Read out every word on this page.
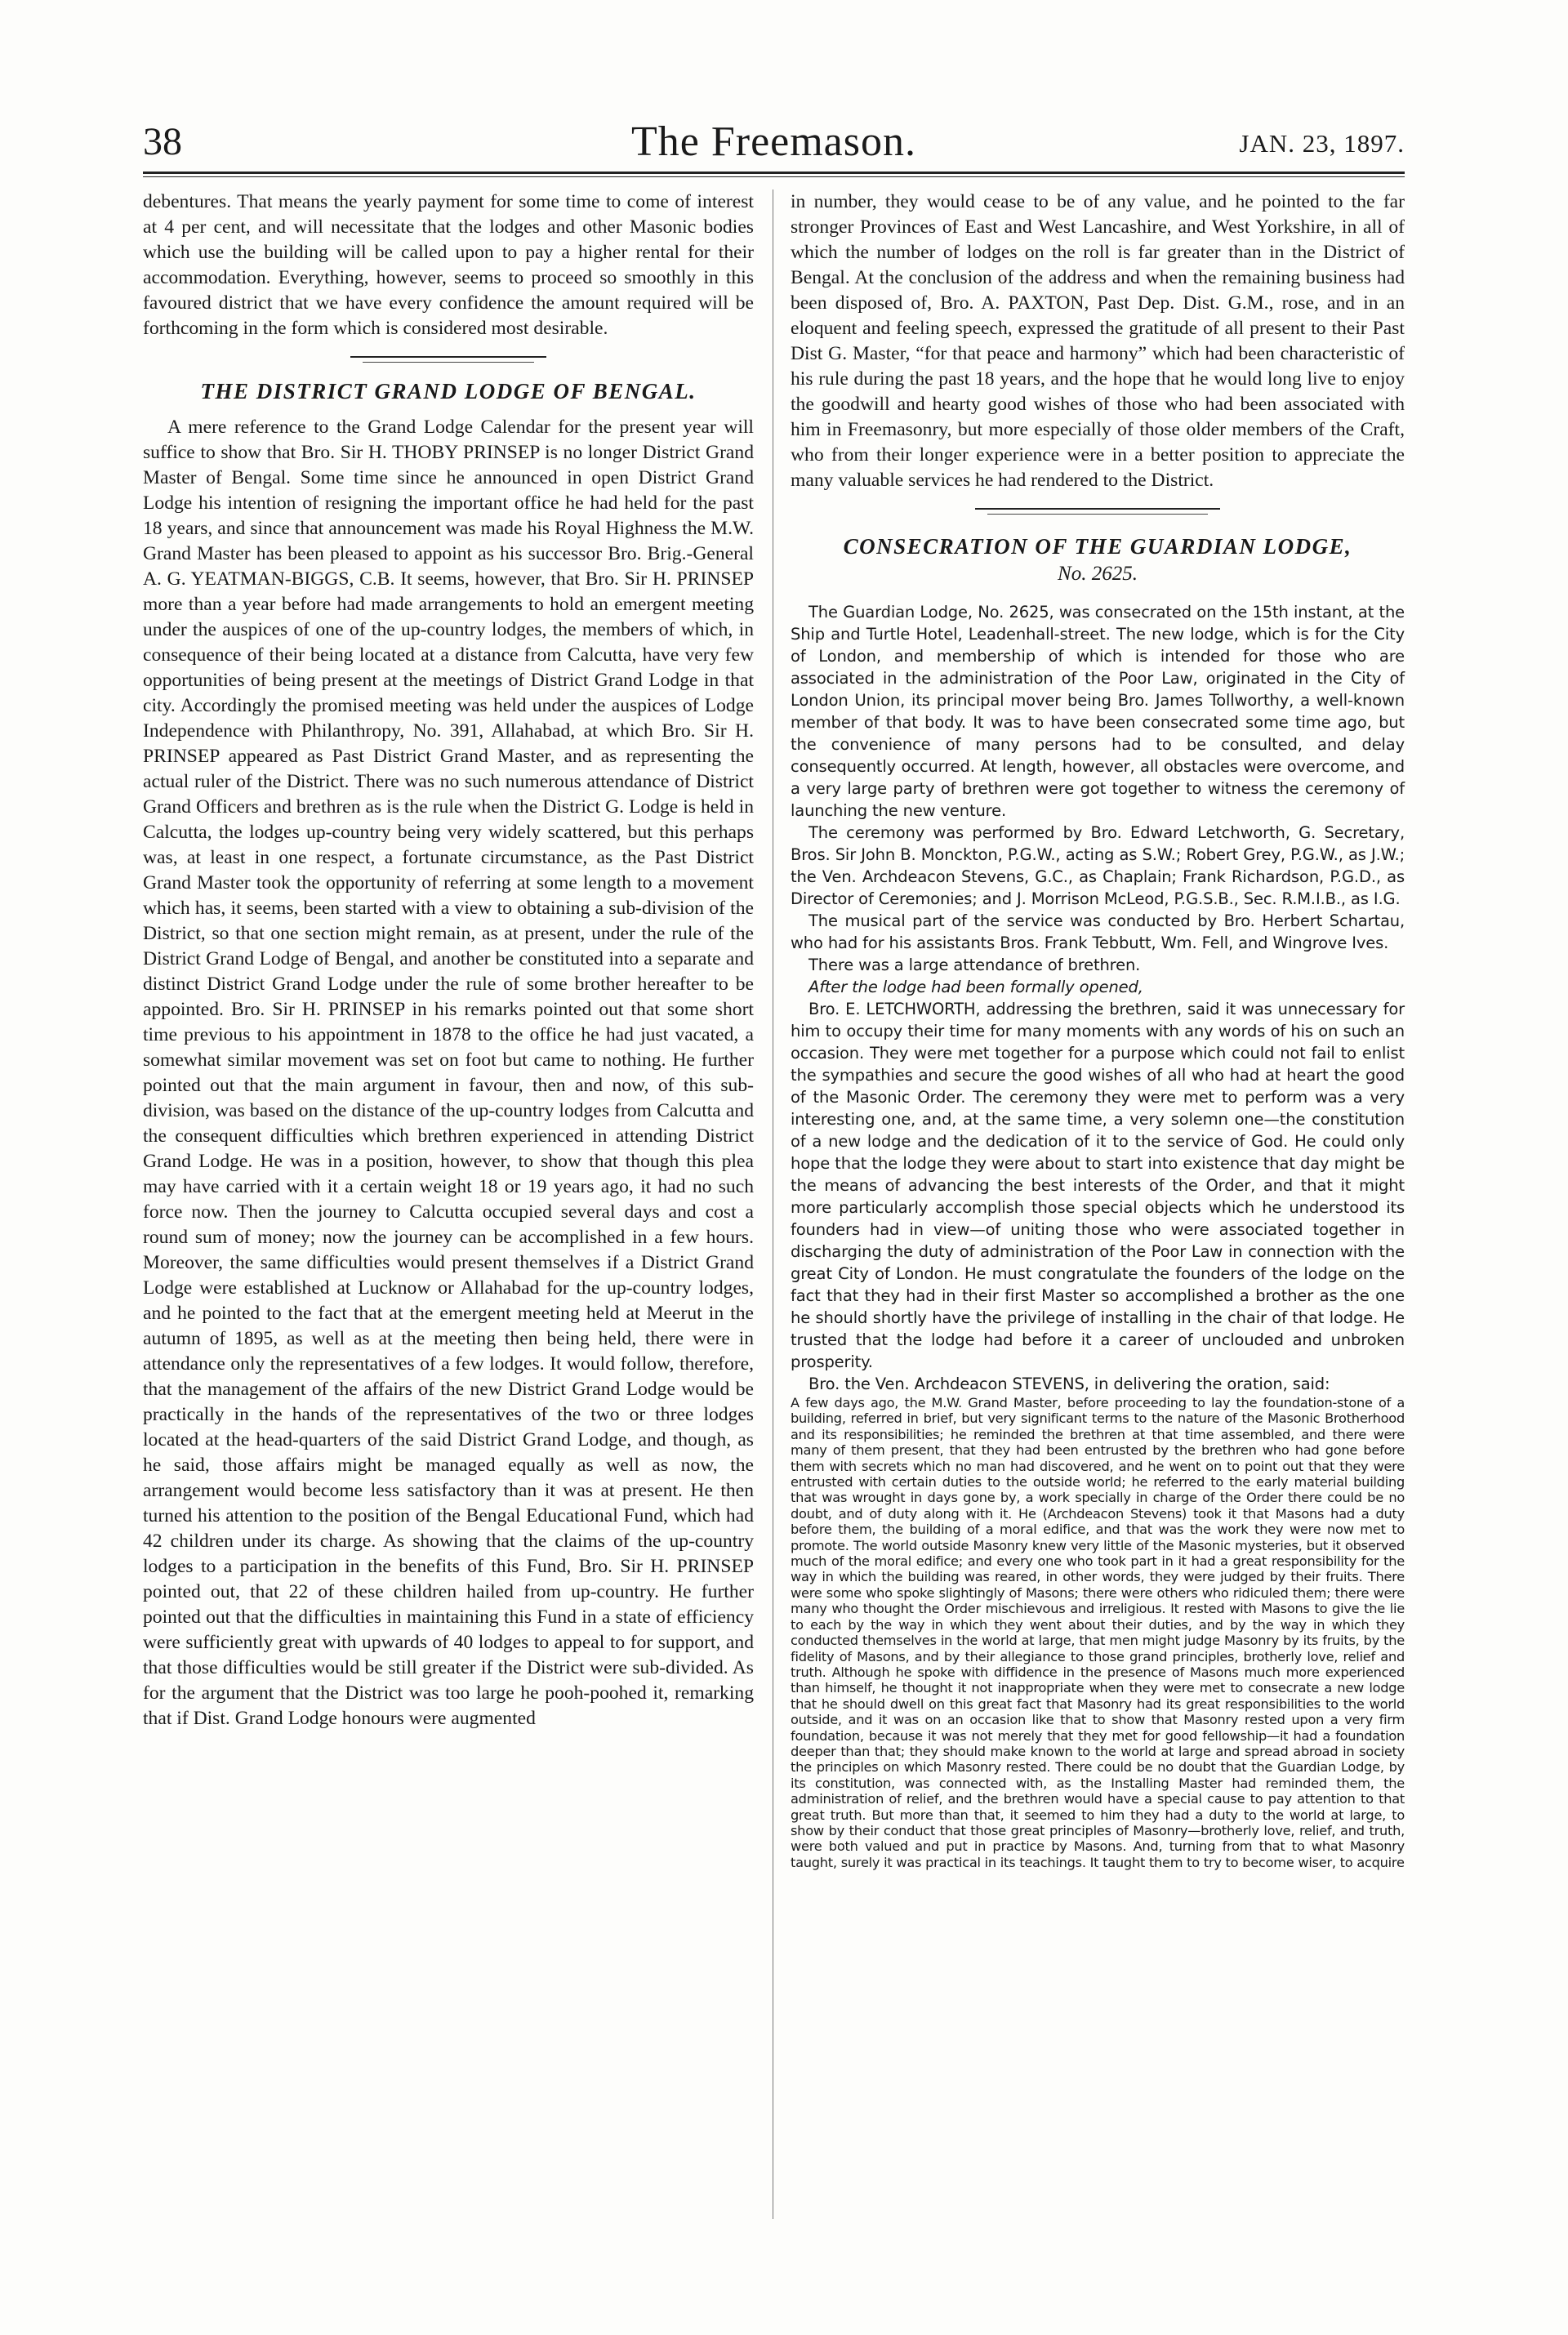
38	The Freemason.	JAN. 23, 1897.

debentures. That means the yearly payment for some time to come of interest at 4 per cent, and will necessitate that the lodges and other Masonic bodies which use the building will be called upon to pay a higher rental for their accommodation. Everything, however, seems to proceed so smoothly in this favoured district that we have every confidence the amount required will be forthcoming in the form which is considered most desirable.

THE DISTRICT GRAND LODGE OF BENGAL.

A mere reference to the Grand Lodge Calendar for the present year will suffice to show that Bro. Sir H. THOBY PRINSEP is no longer District Grand Master of Bengal. Some time since he announced in open District Grand Lodge his intention of resigning the important office he had held for the past 18 years, and since that announcement was made his Royal Highness the M.W. Grand Master has been pleased to appoint as his successor Bro. Brig.-General A. G. YEATMAN-BIGGS, C.B. It seems, however, that Bro. Sir H. PRINSEP more than a year before had made arrangements to hold an emergent meeting under the auspices of one of the up-country lodges, the members of which, in consequence of their being located at a distance from Calcutta, have very few opportunities of being present at the meetings of District Grand Lodge in that city. Accordingly the promised meeting was held under the auspices of Lodge Independence with Philanthropy, No. 391, Allahabad, at which Bro. Sir H. PRINSEP appeared as Past District Grand Master, and as representing the actual ruler of the District. There was no such numerous attendance of District Grand Officers and brethren as is the rule when the District G. Lodge is held in Calcutta, the lodges up-country being very widely scattered, but this perhaps was, at least in one respect, a fortunate circumstance, as the Past District Grand Master took the opportunity of referring at some length to a movement which has, it seems, been started with a view to obtaining a sub-division of the District, so that one section might remain, as at present, under the rule of the District Grand Lodge of Bengal, and another be constituted into a separate and distinct District Grand Lodge under the rule of some brother hereafter to be appointed. Bro. Sir H. PRINSEP in his remarks pointed out that some short time previous to his appointment in 1878 to the office he had just vacated, a somewhat similar movement was set on foot but came to nothing. He further pointed out that the main argument in favour, then and now, of this sub-division, was based on the distance of the up-country lodges from Calcutta and the consequent difficulties which brethren experienced in attending District Grand Lodge. He was in a position, however, to show that though this plea may have carried with it a certain weight 18 or 19 years ago, it had no such force now. Then the journey to Calcutta occupied several days and cost a round sum of money; now the journey can be accomplished in a few hours. Moreover, the same difficulties would present themselves if a District Grand Lodge were established at Lucknow or Allahabad for the up-country lodges, and he pointed to the fact that at the emergent meeting held at Meerut in the autumn of 1895, as well as at the meeting then being held, there were in attendance only the representatives of a few lodges. It would follow, therefore, that the management of the affairs of the new District Grand Lodge would be practically in the hands of the representatives of the two or three lodges located at the head-quarters of the said District Grand Lodge, and though, as he said, those affairs might be managed equally as well as now, the arrangement would become less satisfactory than it was at present. He then turned his attention to the position of the Bengal Educational Fund, which had 42 children under its charge. As showing that the claims of the up-country lodges to a participation in the benefits of this Fund, Bro. Sir H. PRINSEP pointed out, that 22 of these children hailed from up-country. He further pointed out that the difficulties in maintaining this Fund in a state of efficiency were sufficiently great with upwards of 40 lodges to appeal to for support, and that those difficulties would be still greater if the District were sub-divided. As for the argument that the District was too large he pooh-poohed it, remarking that if Dist. Grand Lodge honours were augmented

in number, they would cease to be of any value, and he pointed to the far stronger Provinces of East and West Lancashire, and West Yorkshire, in all of which the number of lodges on the roll is far greater than in the District of Bengal. At the conclusion of the address and when the remaining business had been disposed of, Bro. A. PAXTON, Past Dep. Dist. G.M., rose, and in an eloquent and feeling speech, expressed the gratitude of all present to their Past Dist G. Master, “for that peace and harmony” which had been characteristic of his rule during the past 18 years, and the hope that he would long live to enjoy the goodwill and hearty good wishes of those who had been associated with him in Freemasonry, but more especially of those older members of the Craft, who from their longer experience were in a better position to appreciate the many valuable services he had rendered to the District.

CONSECRATION OF THE GUARDIAN LODGE,
No. 2625.

The Guardian Lodge, No. 2625, was consecrated on the 15th instant, at the Ship and Turtle Hotel, Leadenhall-street. The new lodge, which is for the City of London, and membership of which is intended for those who are associated in the administration of the Poor Law, originated in the City of London Union, its principal mover being Bro. James Tollworthy, a well-known member of that body. It was to have been consecrated some time ago, but the convenience of many persons had to be consulted, and delay consequently occurred. At length, however, all obstacles were overcome, and a very large party of brethren were got together to witness the ceremony of launching the new venture.

The ceremony was performed by Bro. Edward Letchworth, G. Secretary, Bros. Sir John B. Monckton, P.G.W., acting as S.W.; Robert Grey, P.G.W., as J.W.; the Ven. Archdeacon Stevens, G.C., as Chaplain; Frank Richardson, P.G.D., as Director of Ceremonies; and J. Morrison McLeod, P.G.S.B., Sec. R.M.I.B., as I.G.

The musical part of the service was conducted by Bro. Herbert Schartau, who had for his assistants Bros. Frank Tebbutt, Wm. Fell, and Wingrove Ives.

There was a large attendance of brethren.

After the lodge had been formally opened,

Bro. E. LETCHWORTH, addressing the brethren, said it was unnecessary for him to occupy their time for many moments with any words of his on such an occasion. They were met together for a purpose which could not fail to enlist the sympathies and secure the good wishes of all who had at heart the good of the Masonic Order. The ceremony they were met to perform was a very interesting one, and, at the same time, a very solemn one—the constitution of a new lodge and the dedication of it to the service of God. He could only hope that the lodge they were about to start into existence that day might be the means of advancing the best interests of the Order, and that it might more particularly accomplish those special objects which he understood its founders had in view—of uniting those who were associated together in discharging the duty of administration of the Poor Law in connection with the great City of London. He must congratulate the founders of the lodge on the fact that they had in their first Master so accomplished a brother as the one he should shortly have the privilege of installing in the chair of that lodge. He trusted that the lodge had before it a career of unclouded and unbroken prosperity.

Bro. the Ven. Archdeacon STEVENS, in delivering the oration, said:

A few days ago, the M.W. Grand Master, before proceeding to lay the foundation-stone of a building, referred in brief, but very significant terms to the nature of the Masonic Brotherhood and its responsibilities; he reminded the brethren at that time assembled, and there were many of them present, that they had been entrusted by the brethren who had gone before them with secrets which no man had discovered, and he went on to point out that they were entrusted with certain duties to the outside world; he referred to the early material building that was wrought in days gone by, a work specially in charge of the Order there could be no doubt, and of duty along with it. He (Archdeacon Stevens) took it that Masons had a duty before them, the building of a moral edifice, and that was the work they were now met to promote. The world outside Masonry knew very little of the Masonic mysteries, but it observed much of the moral edifice; and every one who took part in it had a great responsibility for the way in which the building was reared, in other words, they were judged by their fruits. There were some who spoke slightingly of Masons; there were others who ridiculed them; there were many who thought the Order mischievous and irreligious. It rested with Masons to give the lie to each by the way in which they went about their duties, and by the way in which they conducted themselves in the world at large, that men might judge Masonry by its fruits, by the fidelity of Masons, and by their allegiance to those grand principles, brotherly love, relief and truth. Although he spoke with diffidence in the presence of Masons much more experienced than himself, he thought it not inappropriate when they were met to consecrate a new lodge that he should dwell on this great fact that Masonry had its great responsibilities to the world outside, and it was on an occasion like that to show that Masonry rested upon a very firm foundation, because it was not merely that they met for good fellowship—it had a foundation deeper than that; they should make known to the world at large and spread abroad in society the principles on which Masonry rested. There could be no doubt that the Guardian Lodge, by its constitution, was connected with, as the Installing Master had reminded them, the administration of relief, and the brethren would have a special cause to pay attention to that great truth. But more than that, it seemed to him they had a duty to the world at large, to show by their conduct that those great principles of Masonry—brotherly love, relief, and truth, were both valued and put in practice by Masons. And, turning from that to what Masonry taught, surely it was practical in its teachings. It taught them to try to become wiser, to acquire
